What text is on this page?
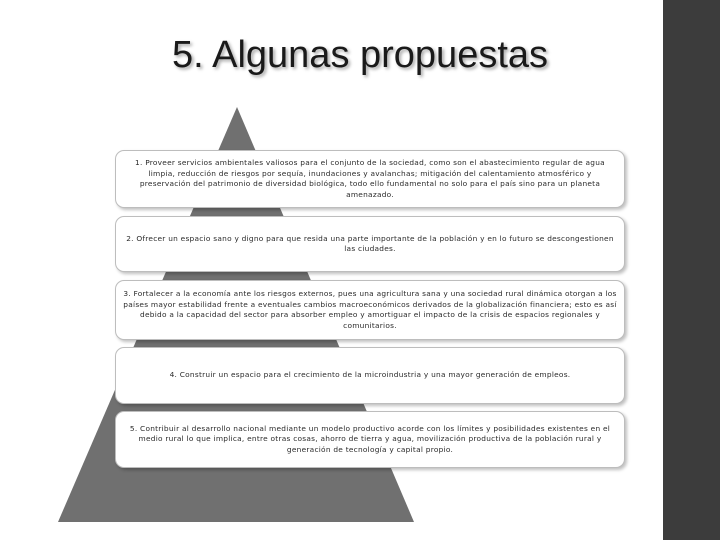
5. Algunas propuestas
1. Proveer servicios ambientales valiosos para el conjunto de la sociedad, como son el abastecimiento regular de agua limpia, reducción de riesgos por sequía, inundaciones y avalanchas; mitigación del calentamiento atmosférico y preservación del patrimonio de diversidad biológica, todo ello fundamental no solo para el país sino para un planeta amenazado.
2. Ofrecer un espacio sano y digno para que resida una parte importante de la población y en lo futuro se descongestionen las ciudades.
3. Fortalecer a la economía ante los riesgos externos, pues una agricultura sana y una sociedad rural dinámica otorgan a los países mayor estabilidad frente a eventuales cambios macroeconómicos derivados de la globalización financiera; esto es así debido a la capacidad del sector para absorber empleo y amortiguar el impacto de la crisis de espacios regionales y comunitarios.
4. Construir un espacio para el crecimiento de la microindustria y una mayor generación de empleos.
5. Contribuir al desarrollo nacional mediante un modelo productivo acorde con los límites y posibilidades existentes en el medio rural lo que implica, entre otras cosas, ahorro de tierra y agua, movilización productiva de la población rural y generación de tecnología y capital propio.
